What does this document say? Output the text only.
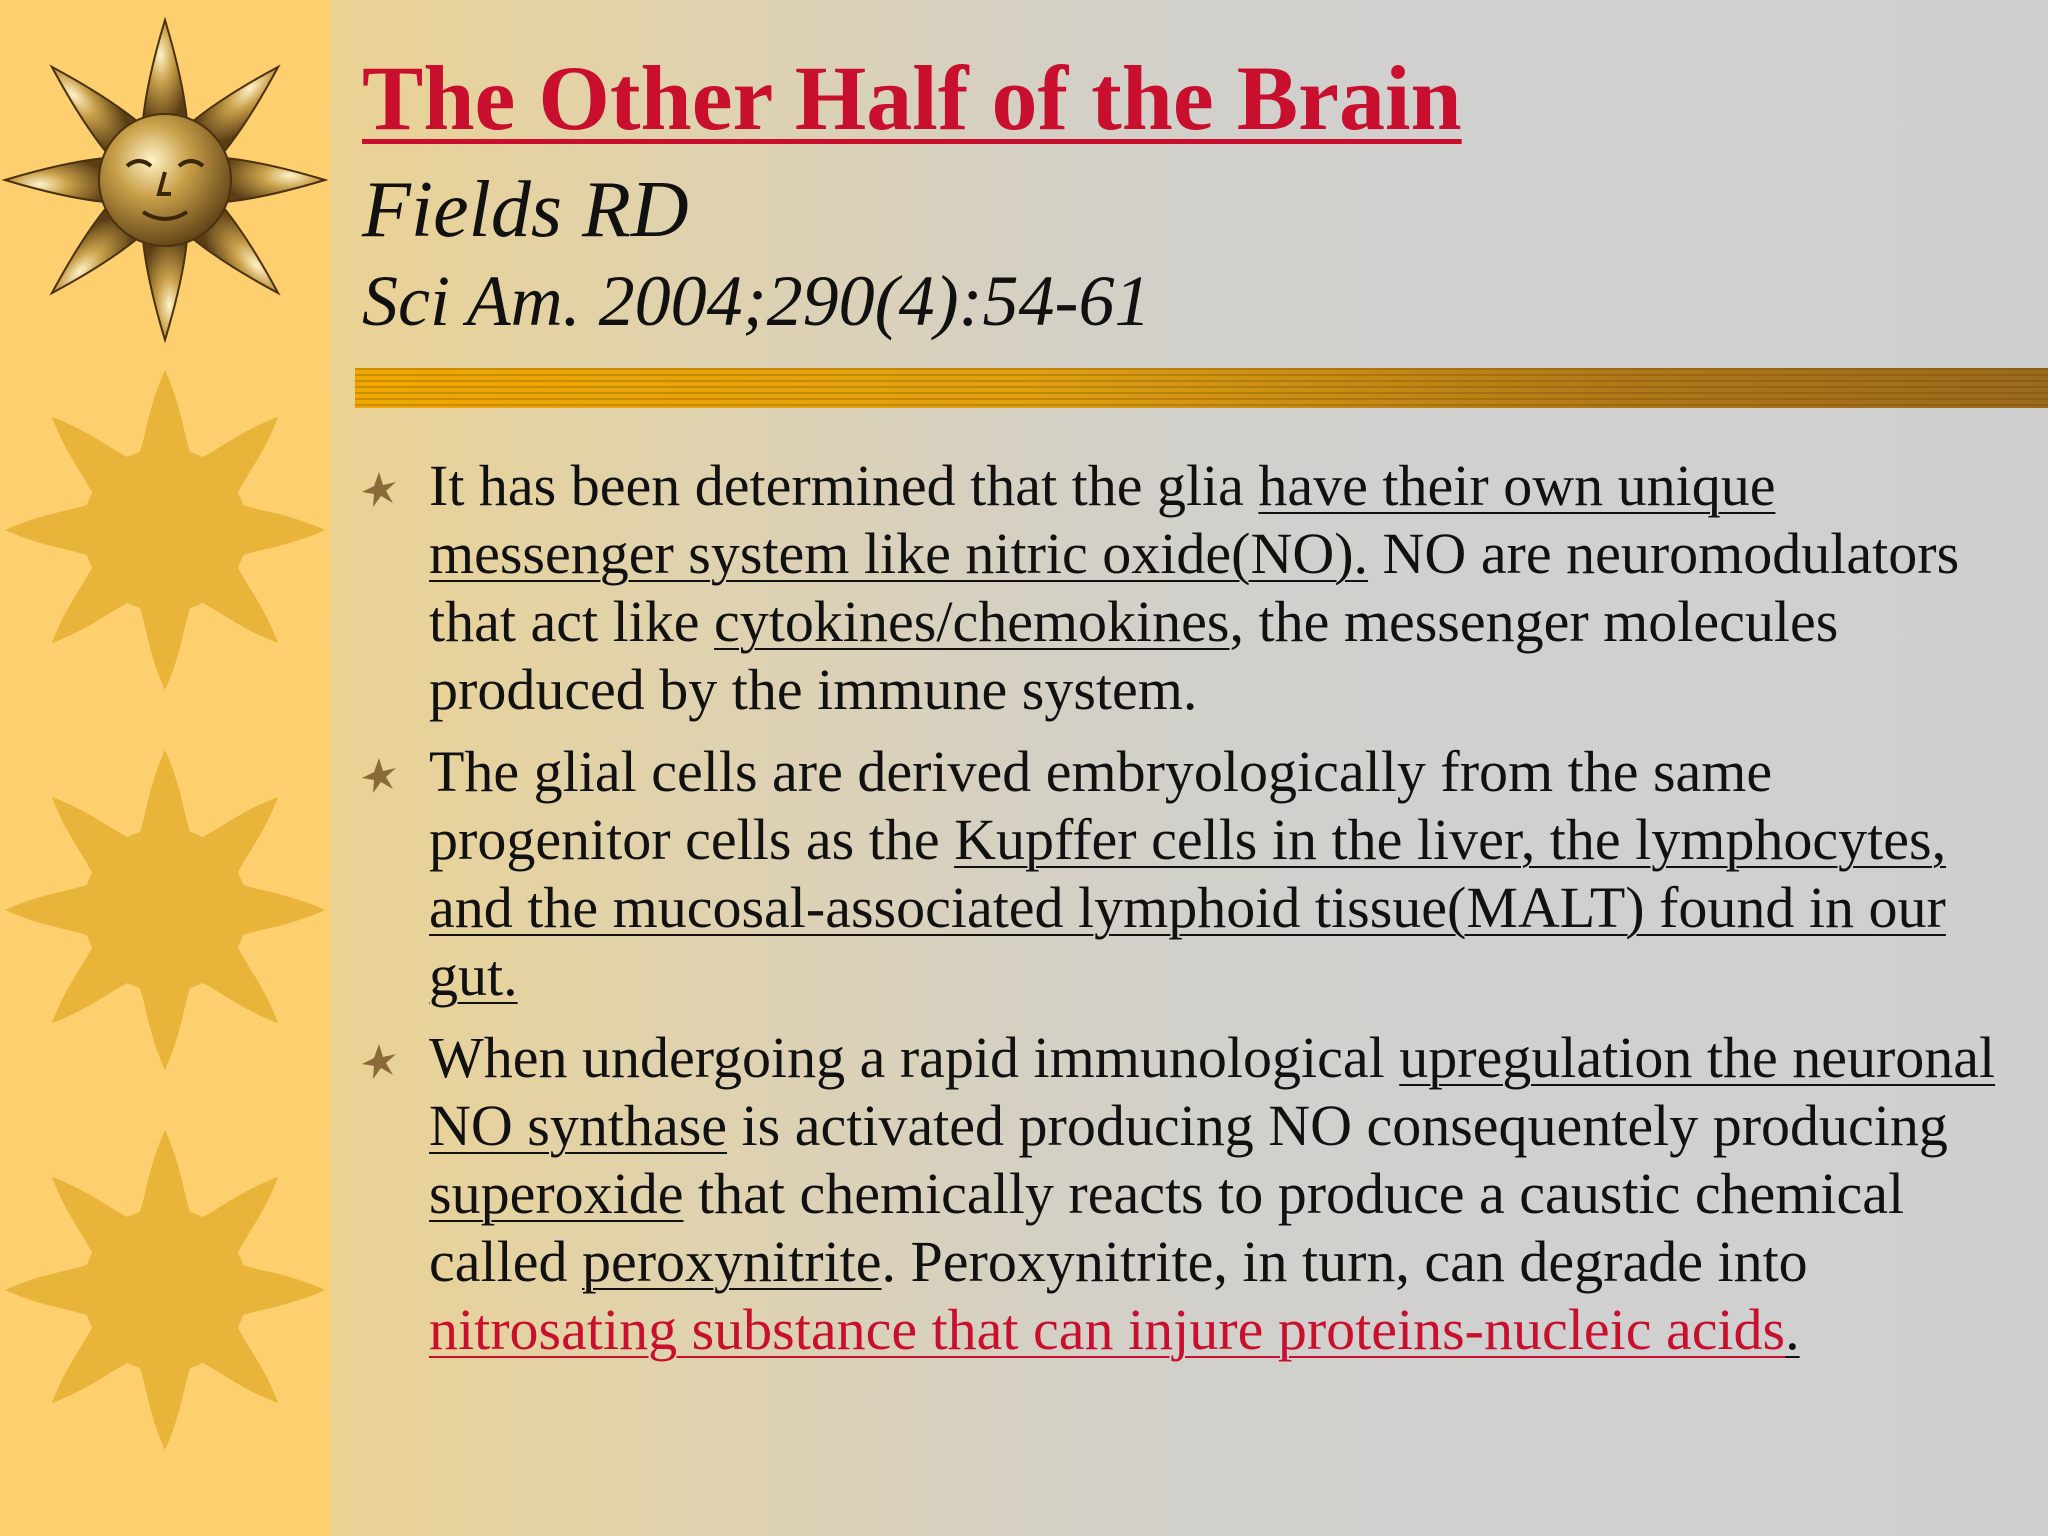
The Other Half of the Brain
Fields RD
Sci Am. 2004;290(4):54-61
It has been determined that the glia have their own unique messenger system like nitric oxide(NO). NO are neuromodulators that act like cytokines/chemokines, the messenger molecules produced by the immune system.
The glial cells are derived embryologically from the same progenitor cells as the Kupffer cells in the liver, the lymphocytes, and the mucosal-associated lymphoid tissue(MALT) found in our gut.
When undergoing a rapid immunological upregulation the neuronal NO synthase is activated producing NO consequentely producing superoxide that chemically reacts to produce a caustic chemical called peroxynitrite. Peroxynitrite, in turn, can degrade into nitrosating substance that can injure proteins-nucleic acids.
